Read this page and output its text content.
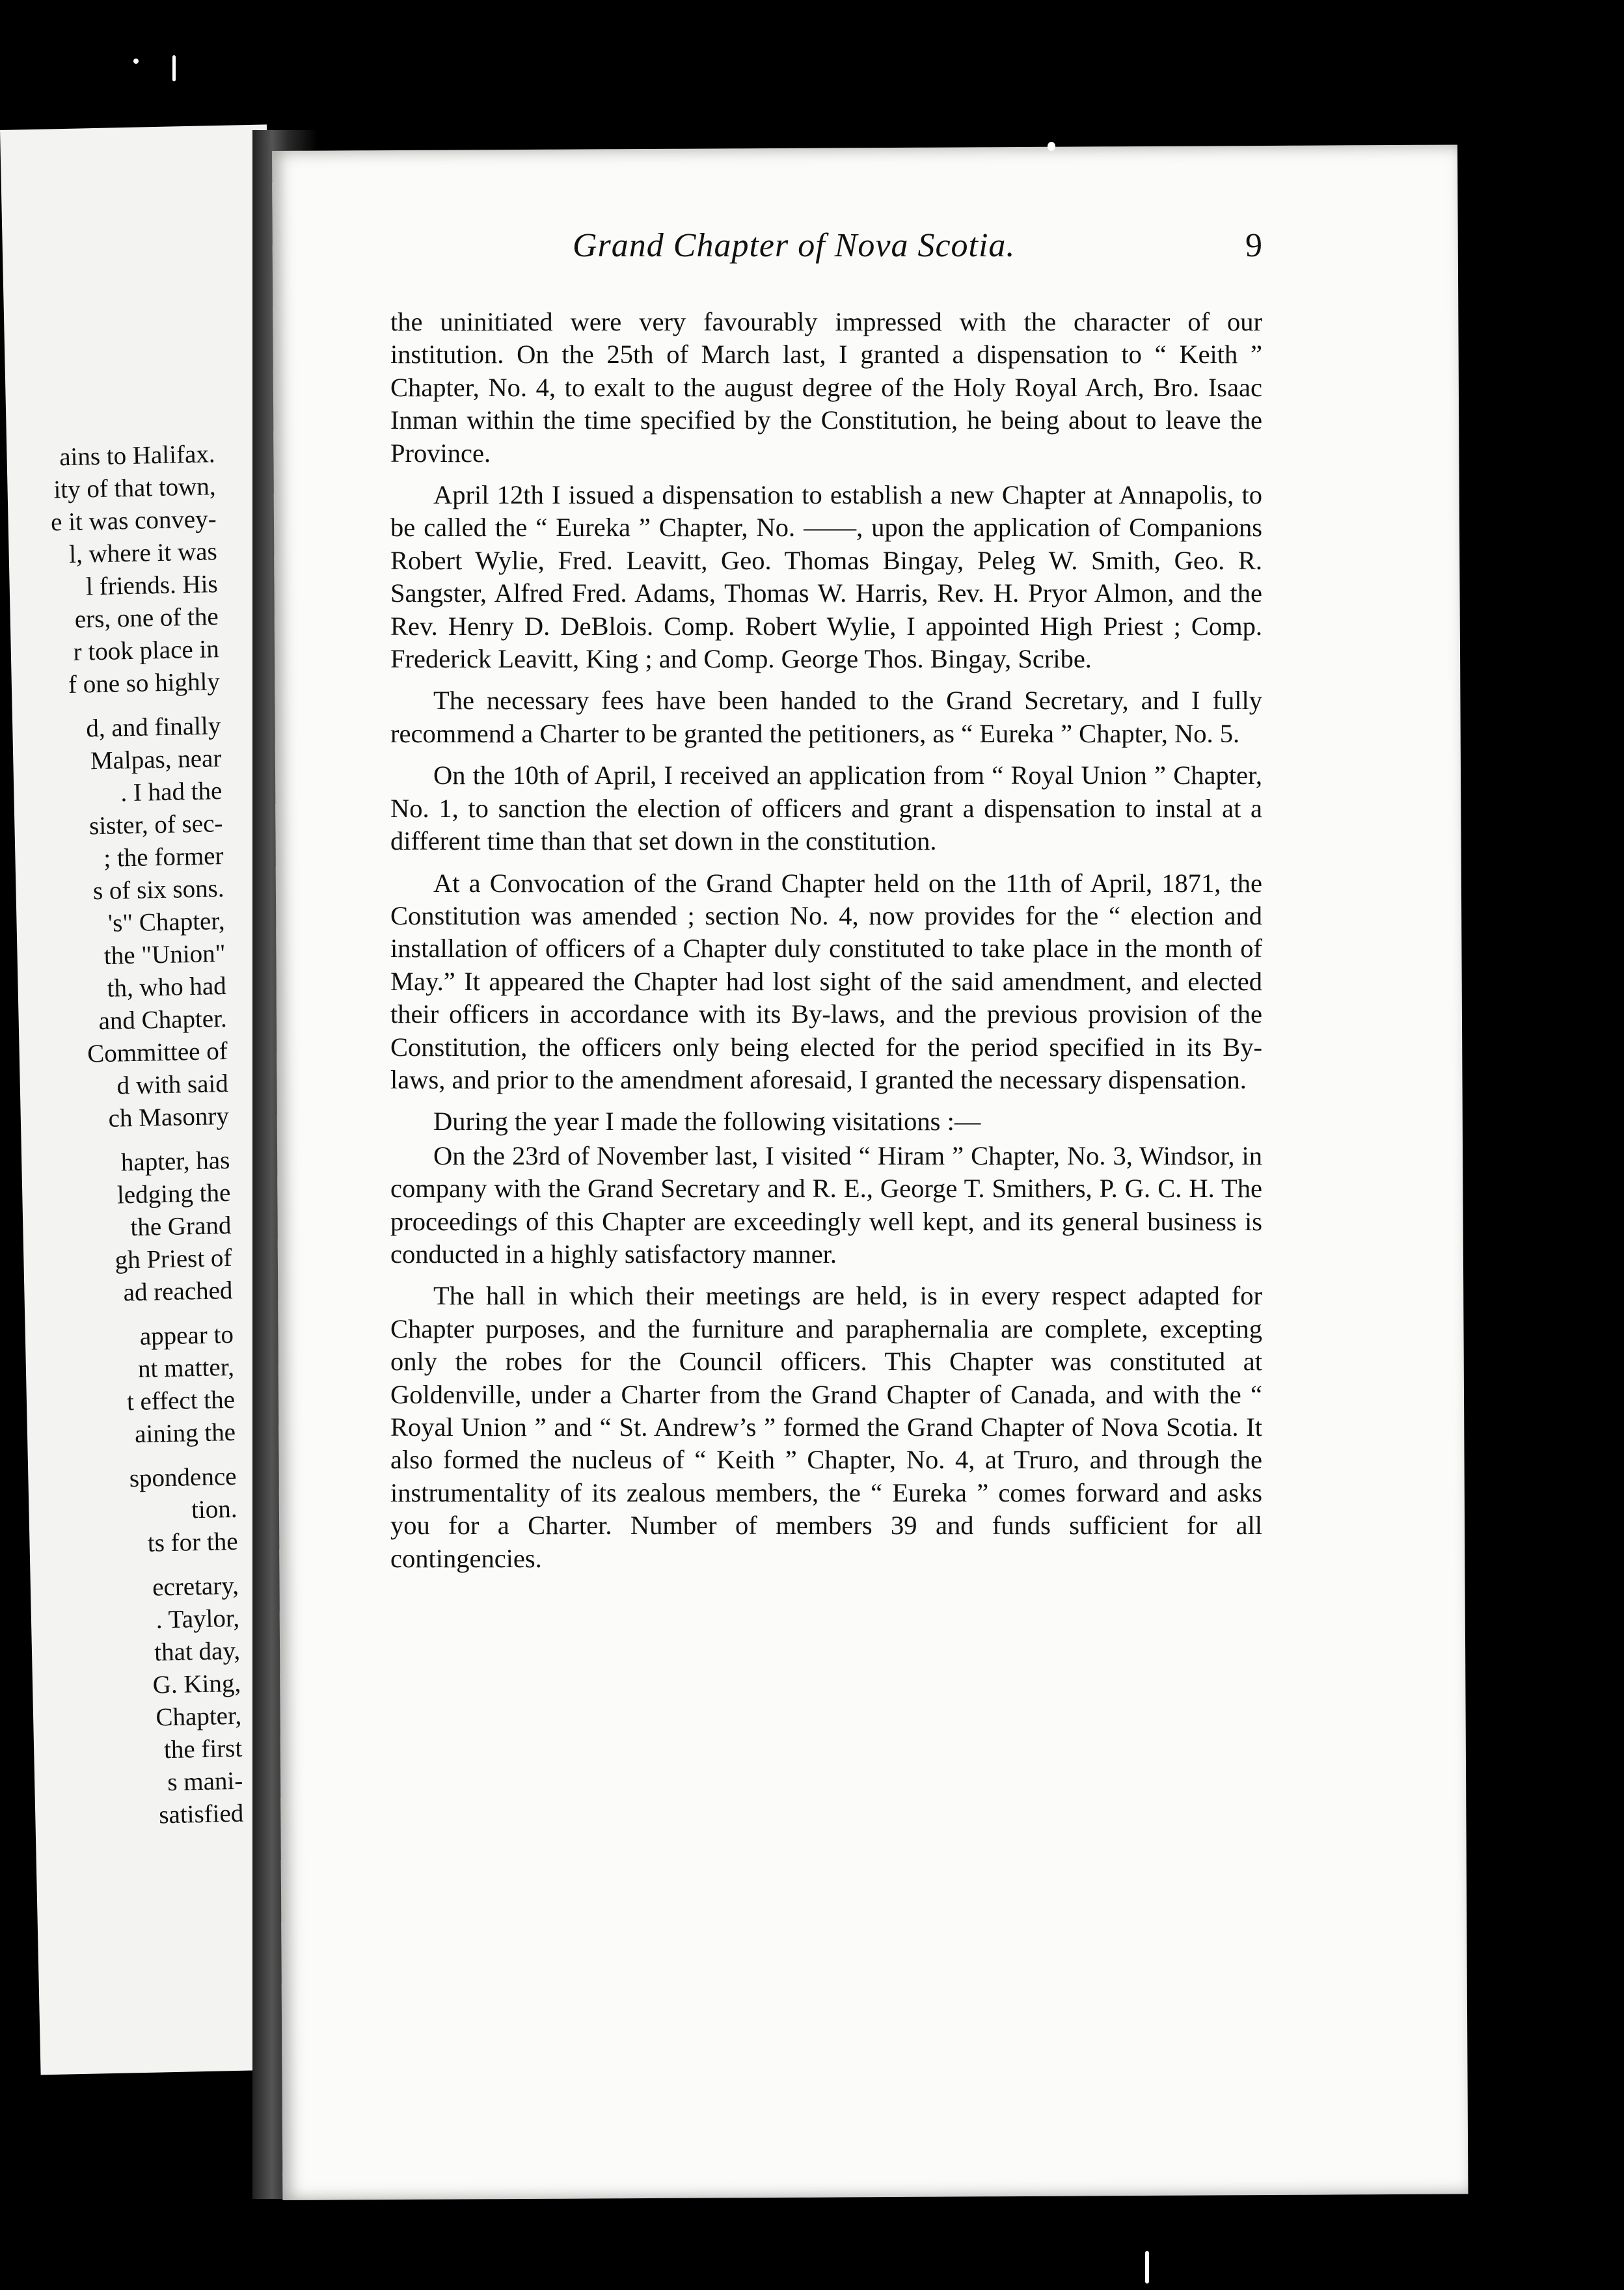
ains to Halifax.
ity of that town,
e it was convey-
l, where it was
l friends. His
ers, one of the
r took place in
f one so highly
d, and finally
Malpas, near
. I had the
sister, of sec-
; the former
s of six sons.
's" Chapter,
the "Union"
th, who had
and Chapter.
Committee of
d with said
ch Masonry
hapter, has
ledging the
the Grand
gh Priest of
ad reached
appear to
nt matter,
t effect the
aining the
spondence
tion.
ts for the
ecretary,
. Taylor,
that day,
G. King,
Chapter,
the first
s mani-
satisfied
Grand Chapter of Nova Scotia.	9

the uninitiated were very favourably impressed with the character of our institution. On the 25th of March last, I granted a dispensation to “ Keith ” Chapter, No. 4, to exalt to the august degree of the Holy Royal Arch, Bro. Isaac Inman within the time specified by the Constitution, he being about to leave the Province.

April 12th I issued a dispensation to establish a new Chapter at Annapolis, to be called the “ Eureka ” Chapter, No. ——, upon the application of Companions Robert Wylie, Fred. Leavitt, Geo. Thomas Bingay, Peleg W. Smith, Geo. R. Sangster, Alfred Fred. Adams, Thomas W. Harris, Rev. H. Pryor Almon, and the Rev. Henry D. DeBlois. Comp. Robert Wylie, I appointed High Priest ; Comp. Frederick Leavitt, King ; and Comp. George Thos. Bingay, Scribe.

The necessary fees have been handed to the Grand Secretary, and I fully recommend a Charter to be granted the petitioners, as “ Eureka ” Chapter, No. 5.

On the 10th of April, I received an application from “ Royal Union ” Chapter, No. 1, to sanction the election of officers and grant a dispensation to instal at a different time than that set down in the constitution.

At a Convocation of the Grand Chapter held on the 11th of April, 1871, the Constitution was amended ; section No. 4, now provides for the “ election and installation of officers of a Chapter duly constituted to take place in the month of May.” It appeared the Chapter had lost sight of the said amendment, and elected their officers in accordance with its By-laws, and the previous provision of the Constitution, the officers only being elected for the period specified in its By-laws, and prior to the amendment aforesaid, I granted the necessary dispensation.

During the year I made the following visitations :—

On the 23rd of November last, I visited “ Hiram ” Chapter, No. 3, Windsor, in company with the Grand Secretary and R. E., George T. Smithers, P. G. C. H. The proceedings of this Chapter are exceedingly well kept, and its general business is conducted in a highly satisfactory manner.

The hall in which their meetings are held, is in every respect adapted for Chapter purposes, and the furniture and paraphernalia are complete, excepting only the robes for the Council officers. This Chapter was constituted at Goldenville, under a Charter from the Grand Chapter of Canada, and with the “ Royal Union ” and “ St. Andrew’s ” formed the Grand Chapter of Nova Scotia. It also formed the nucleus of “ Keith ” Chapter, No. 4, at Truro, and through the instrumentality of its zealous members, the “ Eureka ” comes forward and asks you for a Charter. Number of members 39 and funds sufficient for all contingencies.
